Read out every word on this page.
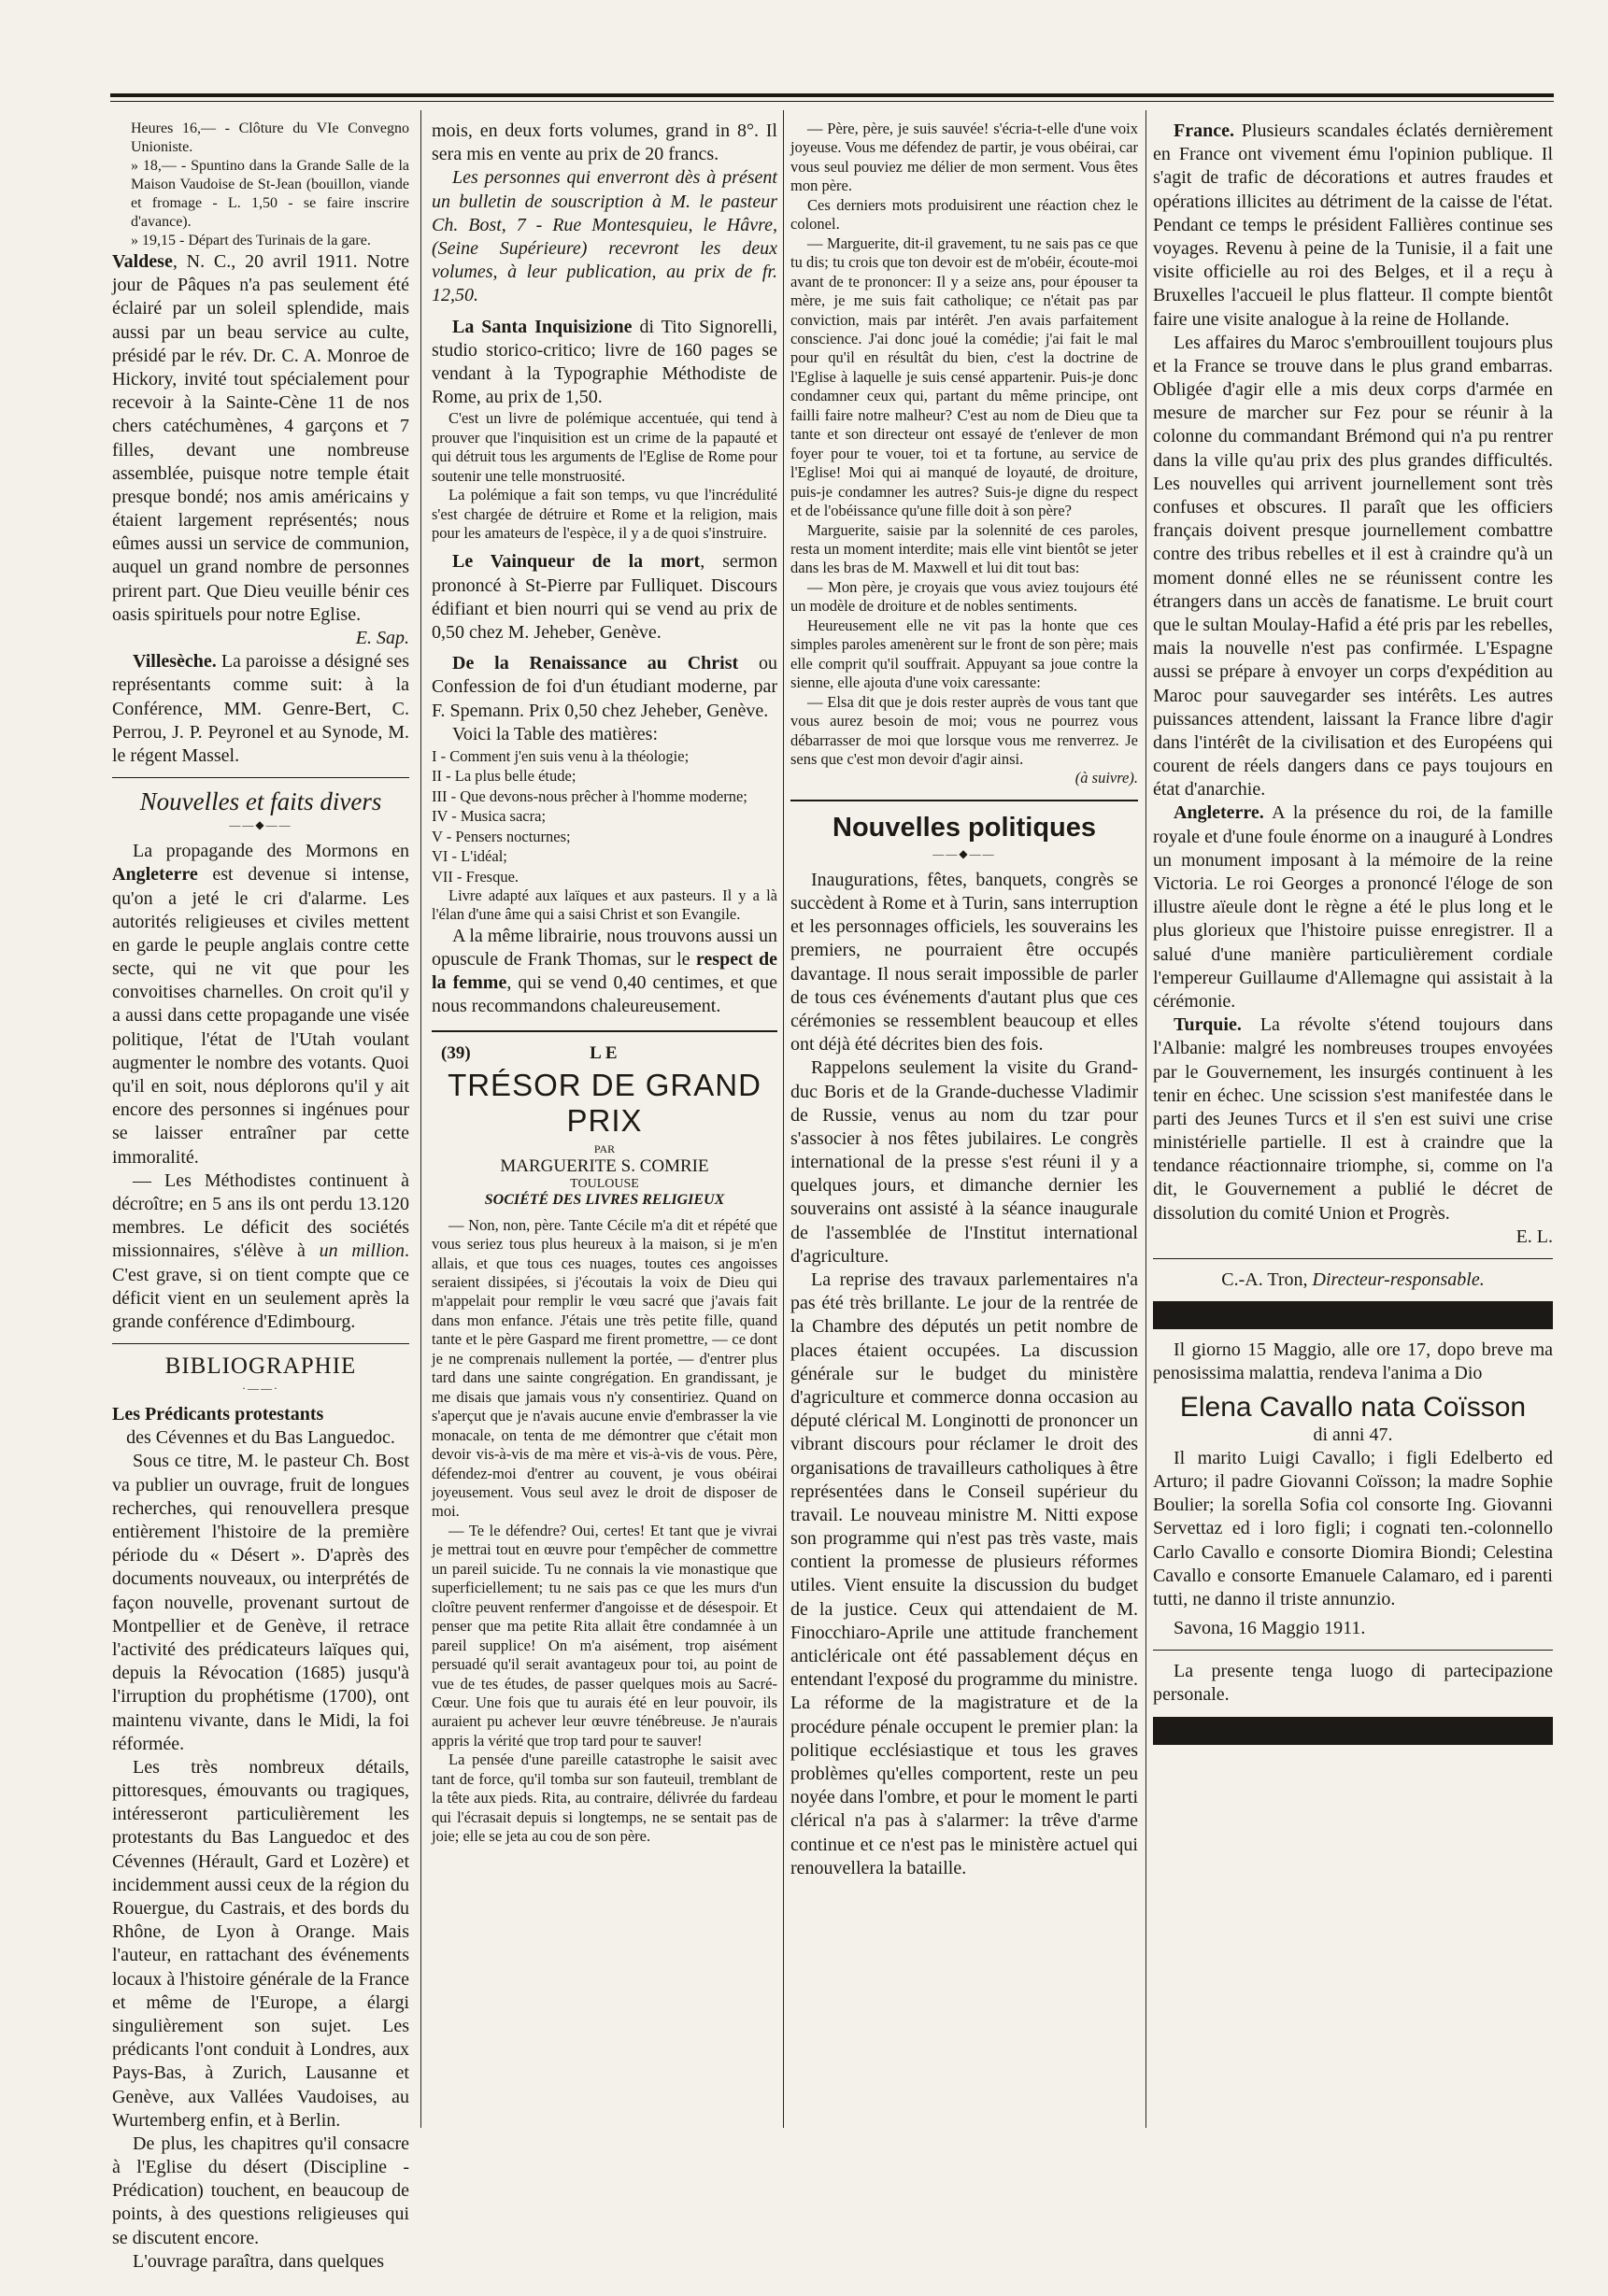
Heures 16,— - Clôture du VIe Convegno Unioniste.

» 18,— - Spuntino dans la Grande Salle de la Maison Vaudoise de St-Jean (bouillon, viande et fromage - L. 1,50 - se faire inscrire d'avance).

» 19,15 - Départ des Turinais de la gare.

Valdese, N. C., 20 avril 1911. Notre jour de Pâques n'a pas seulement été éclairé par un soleil splendide, mais aussi par un beau service au culte, présidé par le rév. Dr. C. A. Monroe de Hickory, invité tout spécialement pour recevoir à la Sainte-Cène 11 de nos chers catéchumènes, 4 garçons et 7 filles, devant une nombreuse assemblée, puisque notre temple était presque bondé; nos amis américains y étaient largement représentés; nous eûmes aussi un service de communion, auquel un grand nombre de personnes prirent part. Que Dieu veuille bénir ces oasis spirituels pour notre Eglise.

E. Sap.

Villesèche. La paroisse a désigné ses représentants comme suit: à la Conférence, MM. Genre-Bert, C. Perrou, J. P. Peyronel et au Synode, M. le régent Massel.

Nouvelles et faits divers
——◆——

La propagande des Mormons en Angleterre est devenue si intense, qu'on a jeté le cri d'alarme. Les autorités religieuses et civiles mettent en garde le peuple anglais contre cette secte, qui ne vit que pour les convoitises charnelles. On croit qu'il y a aussi dans cette propagande une visée politique, l'état de l'Utah voulant augmenter le nombre des votants. Quoi qu'il en soit, nous déplorons qu'il y ait encore des personnes si ingénues pour se laisser entraîner par cette immoralité.

— Les Méthodistes continuent à décroître; en 5 ans ils ont perdu 13.120 membres. Le déficit des sociétés missionnaires, s'élève à un million. C'est grave, si on tient compte que ce déficit vient en un seulement après la grande conférence d'Edimbourg.

BIBLIOGRAPHIE
·——·

Les Prédicants protestants

des Cévennes et du Bas Languedoc.

Sous ce titre, M. le pasteur Ch. Bost va publier un ouvrage, fruit de longues recherches, qui renouvellera presque entièrement l'histoire de la première période du « Désert ». D'après des documents nouveaux, ou interprétés de façon nouvelle, provenant surtout de Montpellier et de Genève, il retrace l'activité des prédicateurs laïques qui, depuis la Révocation (1685) jusqu'à l'irruption du prophétisme (1700), ont maintenu vivante, dans le Midi, la foi réformée.

Les très nombreux détails, pittoresques, émouvants ou tragiques, intéresseront particulièrement les protestants du Bas Languedoc et des Cévennes (Hérault, Gard et Lozère) et incidemment aussi ceux de la région du Rouergue, du Castrais, et des bords du Rhône, de Lyon à Orange. Mais l'auteur, en rattachant des événements locaux à l'histoire générale de la France et même de l'Europe, a élargi singulièrement son sujet. Les prédicants l'ont conduit à Londres, aux Pays-Bas, à Zurich, Lausanne et Genève, aux Vallées Vaudoises, au Wurtemberg enfin, et à Berlin.

De plus, les chapitres qu'il consacre à l'Eglise du désert (Discipline - Prédication) touchent, en beaucoup de points, à des questions religieuses qui se discutent encore.

L'ouvrage paraîtra, dans quelques

mois, en deux forts volumes, grand in 8°. Il sera mis en vente au prix de 20 francs.

Les personnes qui enverront dès à présent un bulletin de souscription à M. le pasteur Ch. Bost, 7 - Rue Montesquieu, le Hâvre, (Seine Supérieure) recevront les deux volumes, à leur publication, au prix de fr. 12,50.

La Santa Inquisizione di Tito Signorelli, studio storico-critico; livre de 160 pages se vendant à la Typographie Méthodiste de Rome, au prix de 1,50.

C'est un livre de polémique accentuée, qui tend à prouver que l'inquisition est un crime de la papauté et qui détruit tous les arguments de l'Eglise de Rome pour soutenir une telle monstruosité.

La polémique a fait son temps, vu que l'incrédulité s'est chargée de détruire et Rome et la religion, mais pour les amateurs de l'espèce, il y a de quoi s'instruire.

Le Vainqueur de la mort, sermon prononcé à St-Pierre par Fulliquet. Discours édifiant et bien nourri qui se vend au prix de 0,50 chez M. Jeheber, Genève.

De la Renaissance au Christ ou Confession de foi d'un étudiant moderne, par F. Spemann. Prix 0,50 chez Jeheber, Genève.

Voici la Table des matières:

I - Comment j'en suis venu à la théologie;
II - La plus belle étude;
III - Que devons-nous prêcher à l'homme moderne;
IV - Musica sacra;
V - Pensers nocturnes;
VI - L'idéal;
VII - Fresque.

Livre adapté aux laïques et aux pasteurs. Il y a là l'élan d'une âme qui a saisi Christ et son Evangile.

A la même librairie, nous trouvons aussi un opuscule de Frank Thomas, sur le respect de la femme, qui se vend 0,40 centimes, et que nous recommandons chaleureusement.

(39)	LE
TRÉSOR DE GRAND PRIX

PAR

MARGUERITE S. COMRIE

TOULOUSE

SOCIÉTÉ DES LIVRES RELIGIEUX

— Non, non, père. Tante Cécile m'a dit et répété que vous seriez tous plus heureux à la maison, si je m'en allais, et que tous ces nuages, toutes ces angoisses seraient dissipées, si j'écoutais la voix de Dieu qui m'appelait pour remplir le vœu sacré que j'avais fait dans mon enfance. J'étais une très petite fille, quand tante et le père Gaspard me firent promettre, — ce dont je ne comprenais nullement la portée, — d'entrer plus tard dans une sainte congrégation. En grandissant, je me disais que jamais vous n'y consentiriez. Quand on s'aperçut que je n'avais aucune envie d'embrasser la vie monacale, on tenta de me démontrer que c'était mon devoir vis-à-vis de ma mère et vis-à-vis de vous. Père, défendez-moi d'entrer au couvent, je vous obéirai joyeusement. Vous seul avez le droit de disposer de moi.

— Te le défendre? Oui, certes! Et tant que je vivrai je mettrai tout en œuvre pour t'empêcher de commettre un pareil suicide. Tu ne connais la vie monastique que superficiellement; tu ne sais pas ce que les murs d'un cloître peuvent renfermer d'angoisse et de désespoir. Et penser que ma petite Rita allait être condamnée à un pareil supplice! On m'a aisément, trop aisément persuadé qu'il serait avantageux pour toi, au point de vue de tes études, de passer quelques mois au Sacré-Cœur. Une fois que tu aurais été en leur pouvoir, ils auraient pu achever leur œuvre ténébreuse. Je n'aurais appris la vérité que trop tard pour te sauver!

La pensée d'une pareille catastrophe le saisit avec tant de force, qu'il tomba sur son fauteuil, tremblant de la tête aux pieds. Rita, au contraire, délivrée du fardeau qui l'écrasait depuis si longtemps, ne se sentait pas de joie; elle se jeta au cou de son père.

— Père, père, je suis sauvée! s'écria-t-elle d'une voix joyeuse. Vous me défendez de partir, je vous obéirai, car vous seul pouviez me délier de mon serment. Vous êtes mon père.

Ces derniers mots produisirent une réaction chez le colonel.

— Marguerite, dit-il gravement, tu ne sais pas ce que tu dis; tu crois que ton devoir est de m'obéir, écoute-moi avant de te prononcer: Il y a seize ans, pour épouser ta mère, je me suis fait catholique; ce n'était pas par conviction, mais par intérêt. J'en avais parfaitement conscience. J'ai donc joué la comédie; j'ai fait le mal pour qu'il en résultât du bien, c'est la doctrine de l'Eglise à laquelle je suis censé appartenir. Puis-je donc condamner ceux qui, partant du même principe, ont failli faire notre malheur? C'est au nom de Dieu que ta tante et son directeur ont essayé de t'enlever de mon foyer pour te vouer, toi et ta fortune, au service de l'Eglise! Moi qui ai manqué de loyauté, de droiture, puis-je condamner les autres? Suis-je digne du respect et de l'obéissance qu'une fille doit à son père?

Marguerite, saisie par la solennité de ces paroles, resta un moment interdite; mais elle vint bientôt se jeter dans les bras de M. Maxwell et lui dit tout bas:

— Mon père, je croyais que vous aviez toujours été un modèle de droiture et de nobles sentiments.

Heureusement elle ne vit pas la honte que ces simples paroles amenèrent sur le front de son père; mais elle comprit qu'il souffrait. Appuyant sa joue contre la sienne, elle ajouta d'une voix caressante:

— Elsa dit que je dois rester auprès de vous tant que vous aurez besoin de moi; vous ne pourrez vous débarrasser de moi que lorsque vous me renverrez. Je sens que c'est mon devoir d'agir ainsi.

(à suivre).

Nouvelles politiques
——◆——

Inaugurations, fêtes, banquets, congrès se succèdent à Rome et à Turin, sans interruption et les personnages officiels, les souverains les premiers, ne pourraient être occupés davantage. Il nous serait impossible de parler de tous ces événements d'autant plus que ces cérémonies se ressemblent beaucoup et elles ont déjà été décrites bien des fois.

Rappelons seulement la visite du Grand-duc Boris et de la Grande-duchesse Vladimir de Russie, venus au nom du tzar pour s'associer à nos fêtes jubilaires. Le congrès international de la presse s'est réuni il y a quelques jours, et dimanche dernier les souverains ont assisté à la séance inaugurale de l'assemblée de l'Institut international d'agriculture.

La reprise des travaux parlementaires n'a pas été très brillante. Le jour de la rentrée de la Chambre des députés un petit nombre de places étaient occupées. La discussion générale sur le budget du ministère d'agriculture et commerce donna occasion au député clérical M. Longinotti de prononcer un vibrant discours pour réclamer le droit des organisations de travailleurs catholiques à être représentées dans le Conseil supérieur du travail. Le nouveau ministre M. Nitti expose son programme qui n'est pas très vaste, mais contient la promesse de plusieurs réformes utiles. Vient ensuite la discussion du budget de la justice. Ceux qui attendaient de M. Finocchiaro-Aprile une attitude franchement anticléricale ont été passablement déçus en entendant l'exposé du programme du ministre. La réforme de la magistrature et de la procédure pénale occupent le premier plan: la politique ecclésiastique et tous les graves problèmes qu'elles comportent, reste un peu noyée dans l'ombre, et pour le moment le parti clérical n'a pas à s'alarmer: la trêve d'arme continue et ce n'est pas le ministère actuel qui renouvellera la bataille.

France. Plusieurs scandales éclatés dernièrement en France ont vivement ému l'opinion publique. Il s'agit de trafic de décorations et autres fraudes et opérations illicites au détriment de la caisse de l'état. Pendant ce temps le président Fallières continue ses voyages. Revenu à peine de la Tunisie, il a fait une visite officielle au roi des Belges, et il a reçu à Bruxelles l'accueil le plus flatteur. Il compte bientôt faire une visite analogue à la reine de Hollande.

Les affaires du Maroc s'embrouillent toujours plus et la France se trouve dans le plus grand embarras. Obligée d'agir elle a mis deux corps d'armée en mesure de marcher sur Fez pour se réunir à la colonne du commandant Brémond qui n'a pu rentrer dans la ville qu'au prix des plus grandes difficultés. Les nouvelles qui arrivent journellement sont très confuses et obscures. Il paraît que les officiers français doivent presque journellement combattre contre des tribus rebelles et il est à craindre qu'à un moment donné elles ne se réunissent contre les étrangers dans un accès de fanatisme. Le bruit court que le sultan Moulay-Hafid a été pris par les rebelles, mais la nouvelle n'est pas confirmée. L'Espagne aussi se prépare à envoyer un corps d'expédition au Maroc pour sauvegarder ses intérêts. Les autres puissances attendent, laissant la France libre d'agir dans l'intérêt de la civilisation et des Européens qui courent de réels dangers dans ce pays toujours en état d'anarchie.

Angleterre. A la présence du roi, de la famille royale et d'une foule énorme on a inauguré à Londres un monument imposant à la mémoire de la reine Victoria. Le roi Georges a prononcé l'éloge de son illustre aïeule dont le règne a été le plus long et le plus glorieux que l'histoire puisse enregistrer. Il a salué d'une manière particulièrement cordiale l'empereur Guillaume d'Allemagne qui assistait à la cérémonie.

Turquie. La révolte s'étend toujours dans l'Albanie: malgré les nombreuses troupes envoyées par le Gouvernement, les insurgés continuent à les tenir en échec. Une scission s'est manifestée dans le parti des Jeunes Turcs et il s'en est suivi une crise ministérielle partielle. Il est à craindre que la tendance réactionnaire triomphe, si, comme on l'a dit, le Gouvernement a publié le décret de dissolution du comité Union et Progrès.

E. L.

C.-A. Tron, Directeur-responsable.

Il giorno 15 Maggio, alle ore 17, dopo breve ma penosissima malattia, rendeva l'anima a Dio

Elena Cavallo nata Coïsson

di anni 47.

Il marito Luigi Cavallo; i figli Edelberto ed Arturo; il padre Giovanni Coïsson; la madre Sophie Boulier; la sorella Sofia col consorte Ing. Giovanni Servettaz ed i loro figli; i cognati ten.-colonnello Carlo Cavallo e consorte Diomira Biondi; Celestina Cavallo e consorte Emanuele Calamaro, ed i parenti tutti, ne danno il triste annunzio.

Savona, 16 Maggio 1911.

La presente tenga luogo di partecipazione personale.
